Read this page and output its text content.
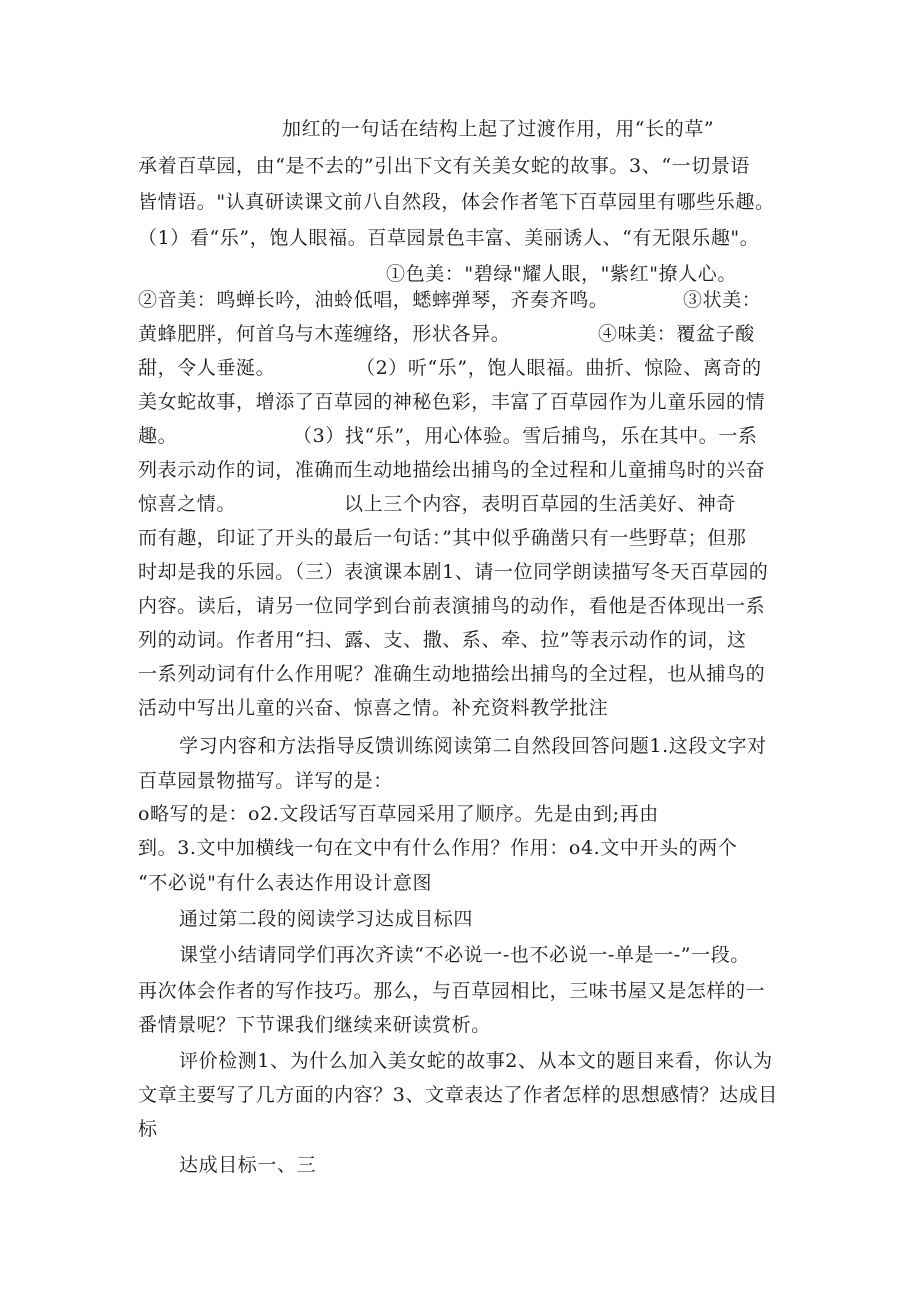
加红的一句话在结构上起了过渡作用，用“长的草”
承着百草园，由“是不去的”引出下文有关美女蛇的故事。3、“一切景语
皆情语。"认真研读课文前八自然段，体会作者笔下百草园里有哪些乐趣。
（1）看“乐”，饱人眼福。百草园景色丰富、美丽诱人、“有无限乐趣"。
①色美："碧绿"耀人眼，"紫红"撩人心。
②音美：鸣蝉长吟，油蛉低唱，蟋蟀弹琴，齐奏齐鸣。	③状美：
黄蜂肥胖，何首乌与木莲缠络，形状各异。	④味美：覆盆子酸
甜，令人垂涎。	（2）听“乐”，饱人眼福。曲折、惊险、离奇的
美女蛇故事，增添了百草园的神秘色彩，丰富了百草园作为儿童乐园的情
趣。	（3）找“乐”，用心体验。雪后捕鸟，乐在其中。一系
列表示动作的词，准确而生动地描绘出捕鸟的全过程和儿童捕鸟时的兴奋
惊喜之情。	以上三个内容，表明百草园的生活美好、神奇
而有趣，印证了开头的最后一句话：”其中似乎确凿只有一些野草；但那
时却是我的乐园。（三）表演课本剧1、请一位同学朗读描写冬天百草园的
内容。读后，请另一位同学到台前表演捕鸟的动作，看他是否体现出一系
列的动词。作者用“扫、露、支、撒、系、牵、拉”等表示动作的词，这
一系列动词有什么作用呢？准确生动地描绘出捕鸟的全过程，也从捕鸟的
活动中写出儿童的兴奋、惊喜之情。补充资料教学批注
学习内容和方法指导反馈训练阅读第二自然段回答问题1.这段文字对
百草园景物描写。详写的是：
o略写的是：o2.文段话写百草园采用了顺序。先是由到;再由
到。3.文中加横线一句在文中有什么作用？作用：o4.文中开头的两个
“不必说"有什么表达作用设计意图
通过第二段的阅读学习达成目标四
课堂小结请同学们再次齐读“不必说一-也不必说一-单是一-”一段。
再次体会作者的写作技巧。那么，与百草园相比，三味书屋又是怎样的一
番情景呢？下节课我们继续来研读赏析。
评价检测1、为什么加入美女蛇的故事2、从本文的题目来看，你认为
文章主要写了几方面的内容？3、文章表达了作者怎样的思想感情？达成目
标
达成目标一、三
